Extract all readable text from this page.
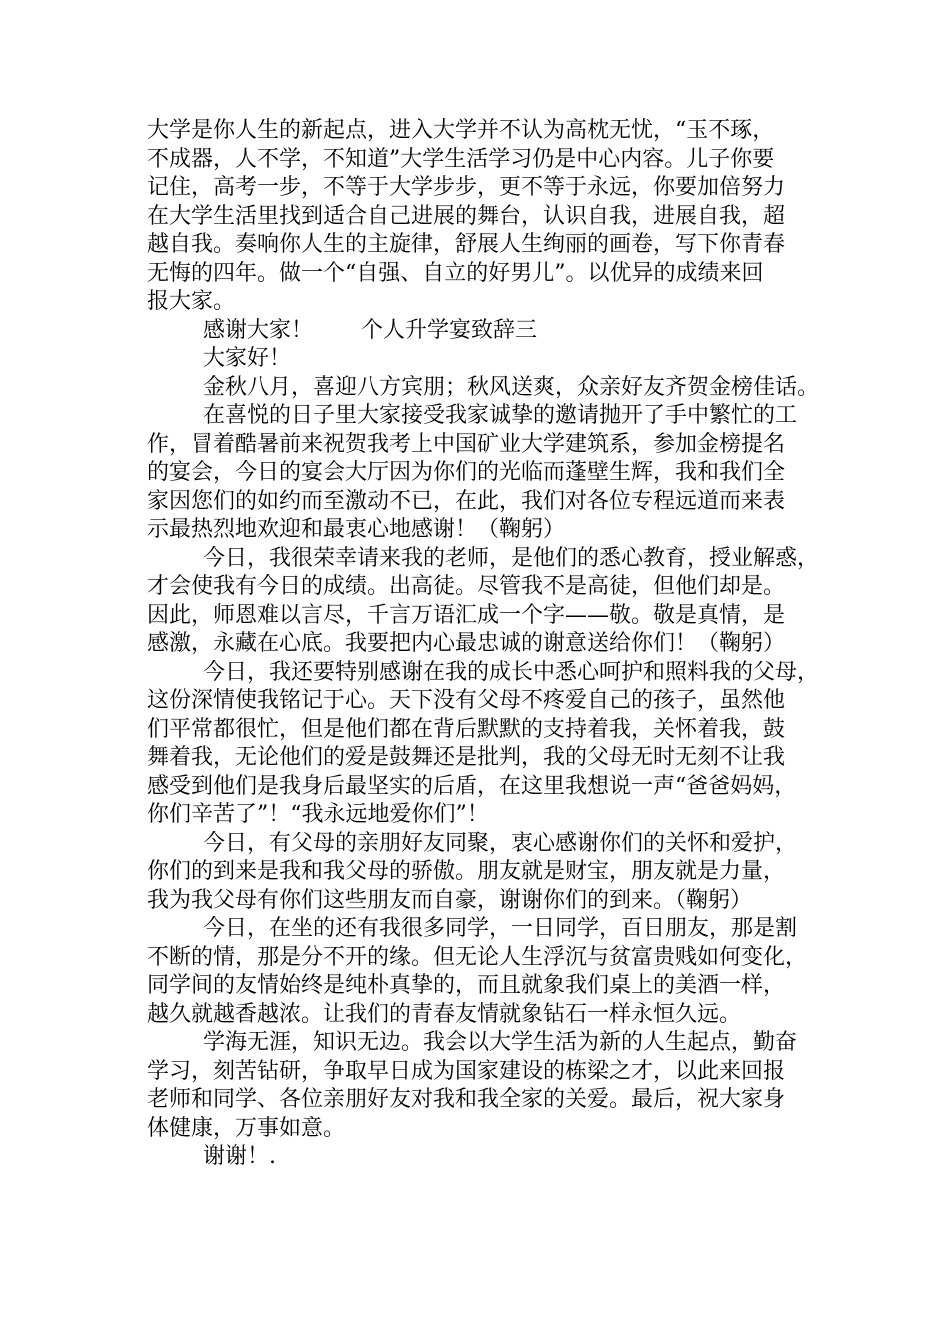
大学是你人生的新起点，进入大学并不认为高枕无忧，“玉不琢，
不成器，人不学，不知道”大学生活学习仍是中心内容。儿子你要
记住，高考一步，不等于大学步步，更不等于永远，你要加倍努力
在大学生活里找到适合自己进展的舞台，认识自我，进展自我，超
越自我。奏响你人生的主旋律，舒展人生绚丽的画卷，写下你青春
无悔的四年。做一个“自强、自立的好男儿”。以优异的成绩来回
报大家。
感谢大家！ 个人升学宴致辞三
大家好！
金秋八月，喜迎八方宾朋；秋风送爽，众亲好友齐贺金榜佳话。
在喜悦的日子里大家接受我家诚挚的邀请抛开了手中繁忙的工
作，冒着酷暑前来祝贺我考上中国矿业大学建筑系，参加金榜提名
的宴会，今日的宴会大厅因为你们的光临而蓬壁生辉，我和我们全
家因您们的如约而至激动不已，在此，我们对各位专程远道而来表
示最热烈地欢迎和最衷心地感谢！（鞠躬）
今日，我很荣幸请来我的老师，是他们的悉心教育，授业解惑，
才会使我有今日的成绩。出高徒。尽管我不是高徒，但他们却是。
因此，师恩难以言尽，千言万语汇成一个字——敬。敬是真情，是
感激，永藏在心底。我要把内心最忠诚的谢意送给你们！（鞠躬）
今日，我还要特别感谢在我的成长中悉心呵护和照料我的父母，
这份深情使我铭记于心。天下没有父母不疼爱自己的孩子，虽然他
们平常都很忙，但是他们都在背后默默的支持着我，关怀着我，鼓
舞着我，无论他们的爱是鼓舞还是批判，我的父母无时无刻不让我
感受到他们是我身后最坚实的后盾，在这里我想说一声“爸爸妈妈，
你们辛苦了”！“我永远地爱你们”！
今日，有父母的亲朋好友同聚，衷心感谢你们的关怀和爱护，
你们的到来是我和我父母的骄傲。朋友就是财宝，朋友就是力量，
我为我父母有你们这些朋友而自豪，谢谢你们的到来。（鞠躬）
今日，在坐的还有我很多同学，一日同学，百日朋友，那是割
不断的情，那是分不开的缘。但无论人生浮沉与贫富贵贱如何变化，
同学间的友情始终是纯朴真挚的，而且就象我们桌上的美酒一样，
越久就越香越浓。让我们的青春友情就象钻石一样永恒久远。
学海无涯，知识无边。我会以大学生活为新的人生起点，勤奋
学习，刻苦钻研，争取早日成为国家建设的栋梁之才，以此来回报
老师和同学、各位亲朋好友对我和我全家的关爱。最后，祝大家身
体健康，万事如意。
谢谢！.
